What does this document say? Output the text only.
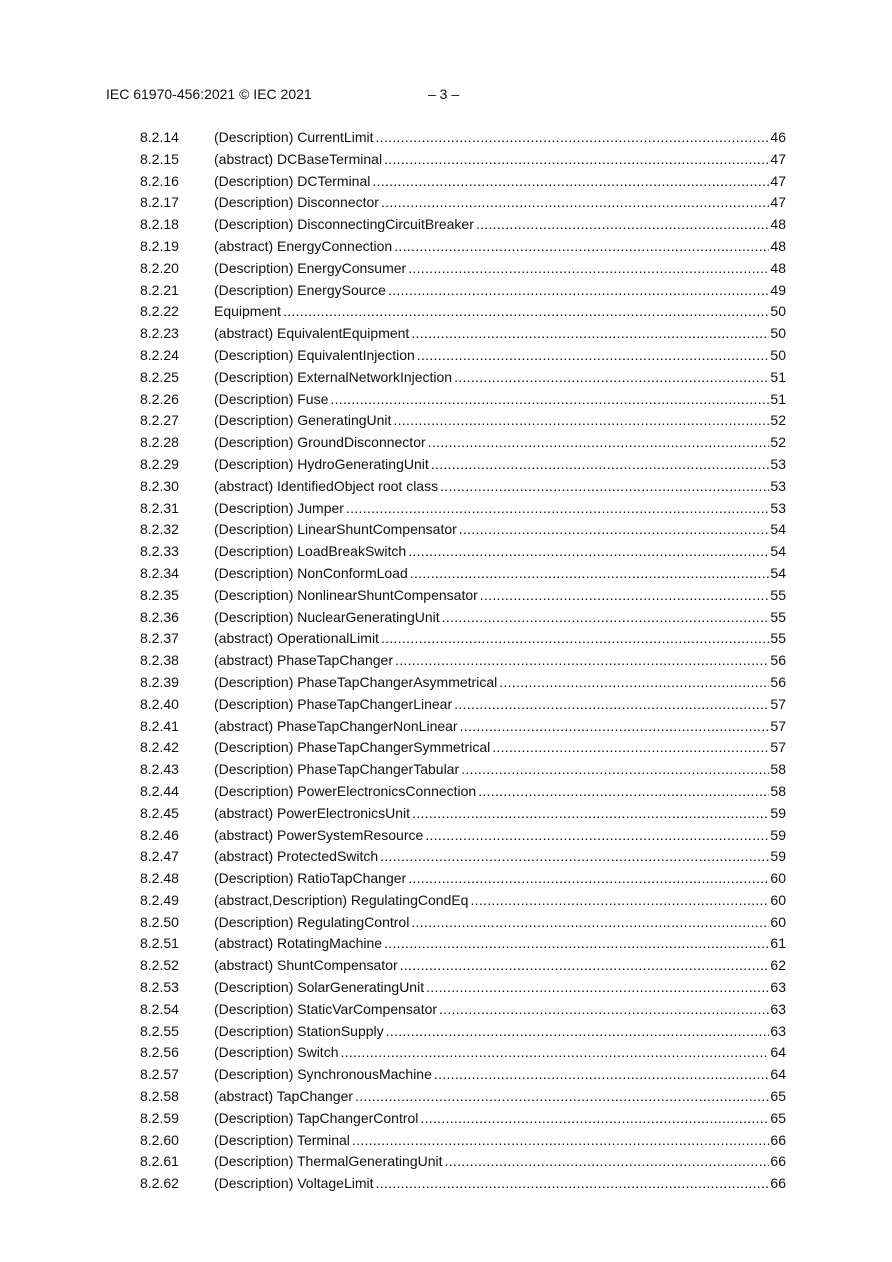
IEC 61970-456:2021 © IEC 2021	– 3 –
8.2.14	(Description) CurrentLimit .....	46
8.2.15	(abstract) DCBaseTerminal .....	47
8.2.16	(Description) DCTerminal .....	47
8.2.17	(Description) Disconnector .....	47
8.2.18	(Description) DisconnectingCircuitBreaker .....	48
8.2.19	(abstract) EnergyConnection .....	48
8.2.20	(Description) EnergyConsumer .....	48
8.2.21	(Description) EnergySource .....	49
8.2.22	Equipment .....	50
8.2.23	(abstract) EquivalentEquipment .....	50
8.2.24	(Description) EquivalentInjection .....	50
8.2.25	(Description) ExternalNetworkInjection .....	51
8.2.26	(Description) Fuse .....	51
8.2.27	(Description) GeneratingUnit .....	52
8.2.28	(Description) GroundDisconnector .....	52
8.2.29	(Description) HydroGeneratingUnit .....	53
8.2.30	(abstract) IdentifiedObject root class .....	53
8.2.31	(Description) Jumper .....	53
8.2.32	(Description) LinearShuntCompensator .....	54
8.2.33	(Description) LoadBreakSwitch .....	54
8.2.34	(Description) NonConformLoad .....	54
8.2.35	(Description) NonlinearShuntCompensator .....	55
8.2.36	(Description) NuclearGeneratingUnit .....	55
8.2.37	(abstract) OperationalLimit .....	55
8.2.38	(abstract) PhaseTapChanger .....	56
8.2.39	(Description) PhaseTapChangerAsymmetrical .....	56
8.2.40	(Description) PhaseTapChangerLinear .....	57
8.2.41	(abstract) PhaseTapChangerNonLinear .....	57
8.2.42	(Description) PhaseTapChangerSymmetrical .....	57
8.2.43	(Description) PhaseTapChangerTabular .....	58
8.2.44	(Description) PowerElectronicsConnection .....	58
8.2.45	(abstract) PowerElectronicsUnit .....	59
8.2.46	(abstract) PowerSystemResource .....	59
8.2.47	(abstract) ProtectedSwitch .....	59
8.2.48	(Description) RatioTapChanger .....	60
8.2.49	(abstract,Description) RegulatingCondEq .....	60
8.2.50	(Description) RegulatingControl .....	60
8.2.51	(abstract) RotatingMachine .....	61
8.2.52	(abstract) ShuntCompensator .....	62
8.2.53	(Description) SolarGeneratingUnit .....	63
8.2.54	(Description) StaticVarCompensator .....	63
8.2.55	(Description) StationSupply .....	63
8.2.56	(Description) Switch .....	64
8.2.57	(Description) SynchronousMachine .....	64
8.2.58	(abstract) TapChanger .....	65
8.2.59	(Description) TapChangerControl .....	65
8.2.60	(Description) Terminal .....	66
8.2.61	(Description) ThermalGeneratingUnit .....	66
8.2.62	(Description) VoltageLimit .....	66
